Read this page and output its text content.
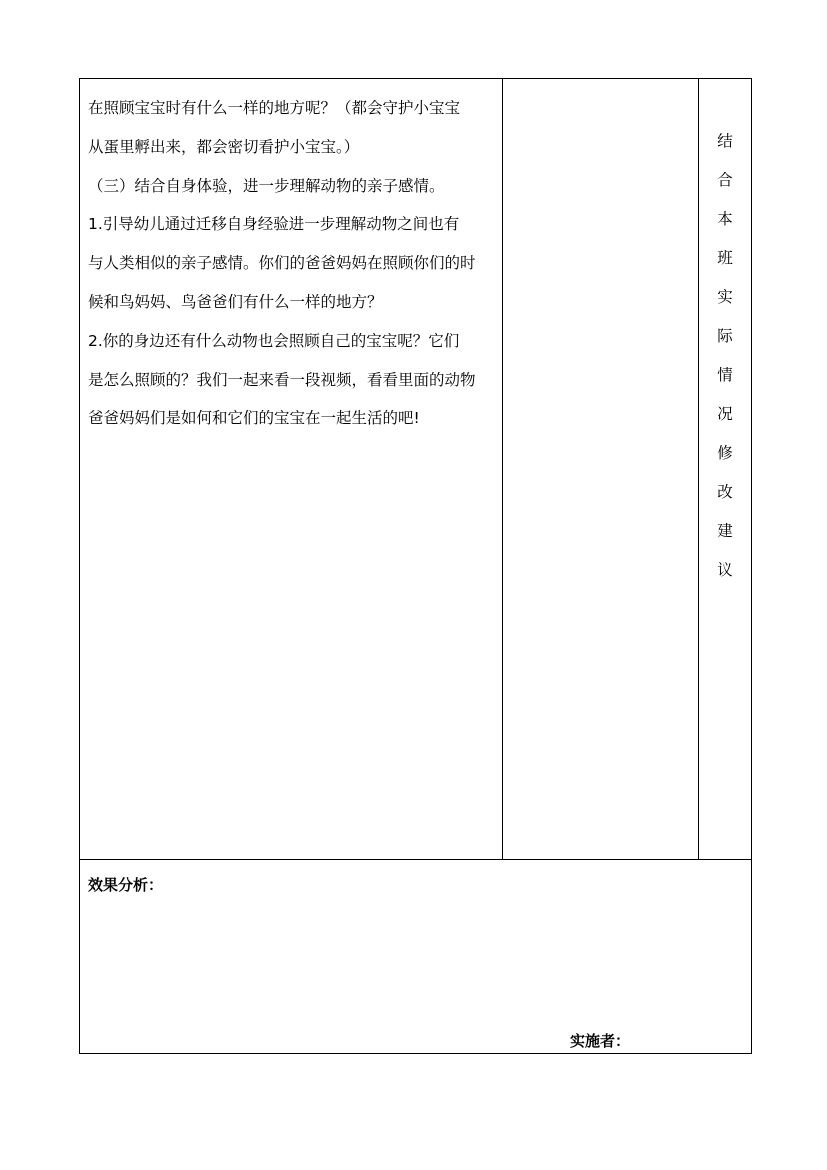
在照顾宝宝时有什么一样的地方呢？（都会守护小宝宝

从蛋里孵出来，都会密切看护小宝宝。）

（三）结合自身体验，进一步理解动物的亲子感情。

1.引导幼儿通过迁移自身经验进一步理解动物之间也有

与人类相似的亲子感情。你们的爸爸妈妈在照顾你们的时

候和鸟妈妈、鸟爸爸们有什么一样的地方？

2.你的身边还有什么动物也会照顾自己的宝宝呢？它们

是怎么照顾的？我们一起来看一段视频，看看里面的动物

爸爸妈妈们是如何和它们的宝宝在一起生活的吧!

结
合
本
班
实
际
情
况
修
改
建
议
效果分析：
实施者：
